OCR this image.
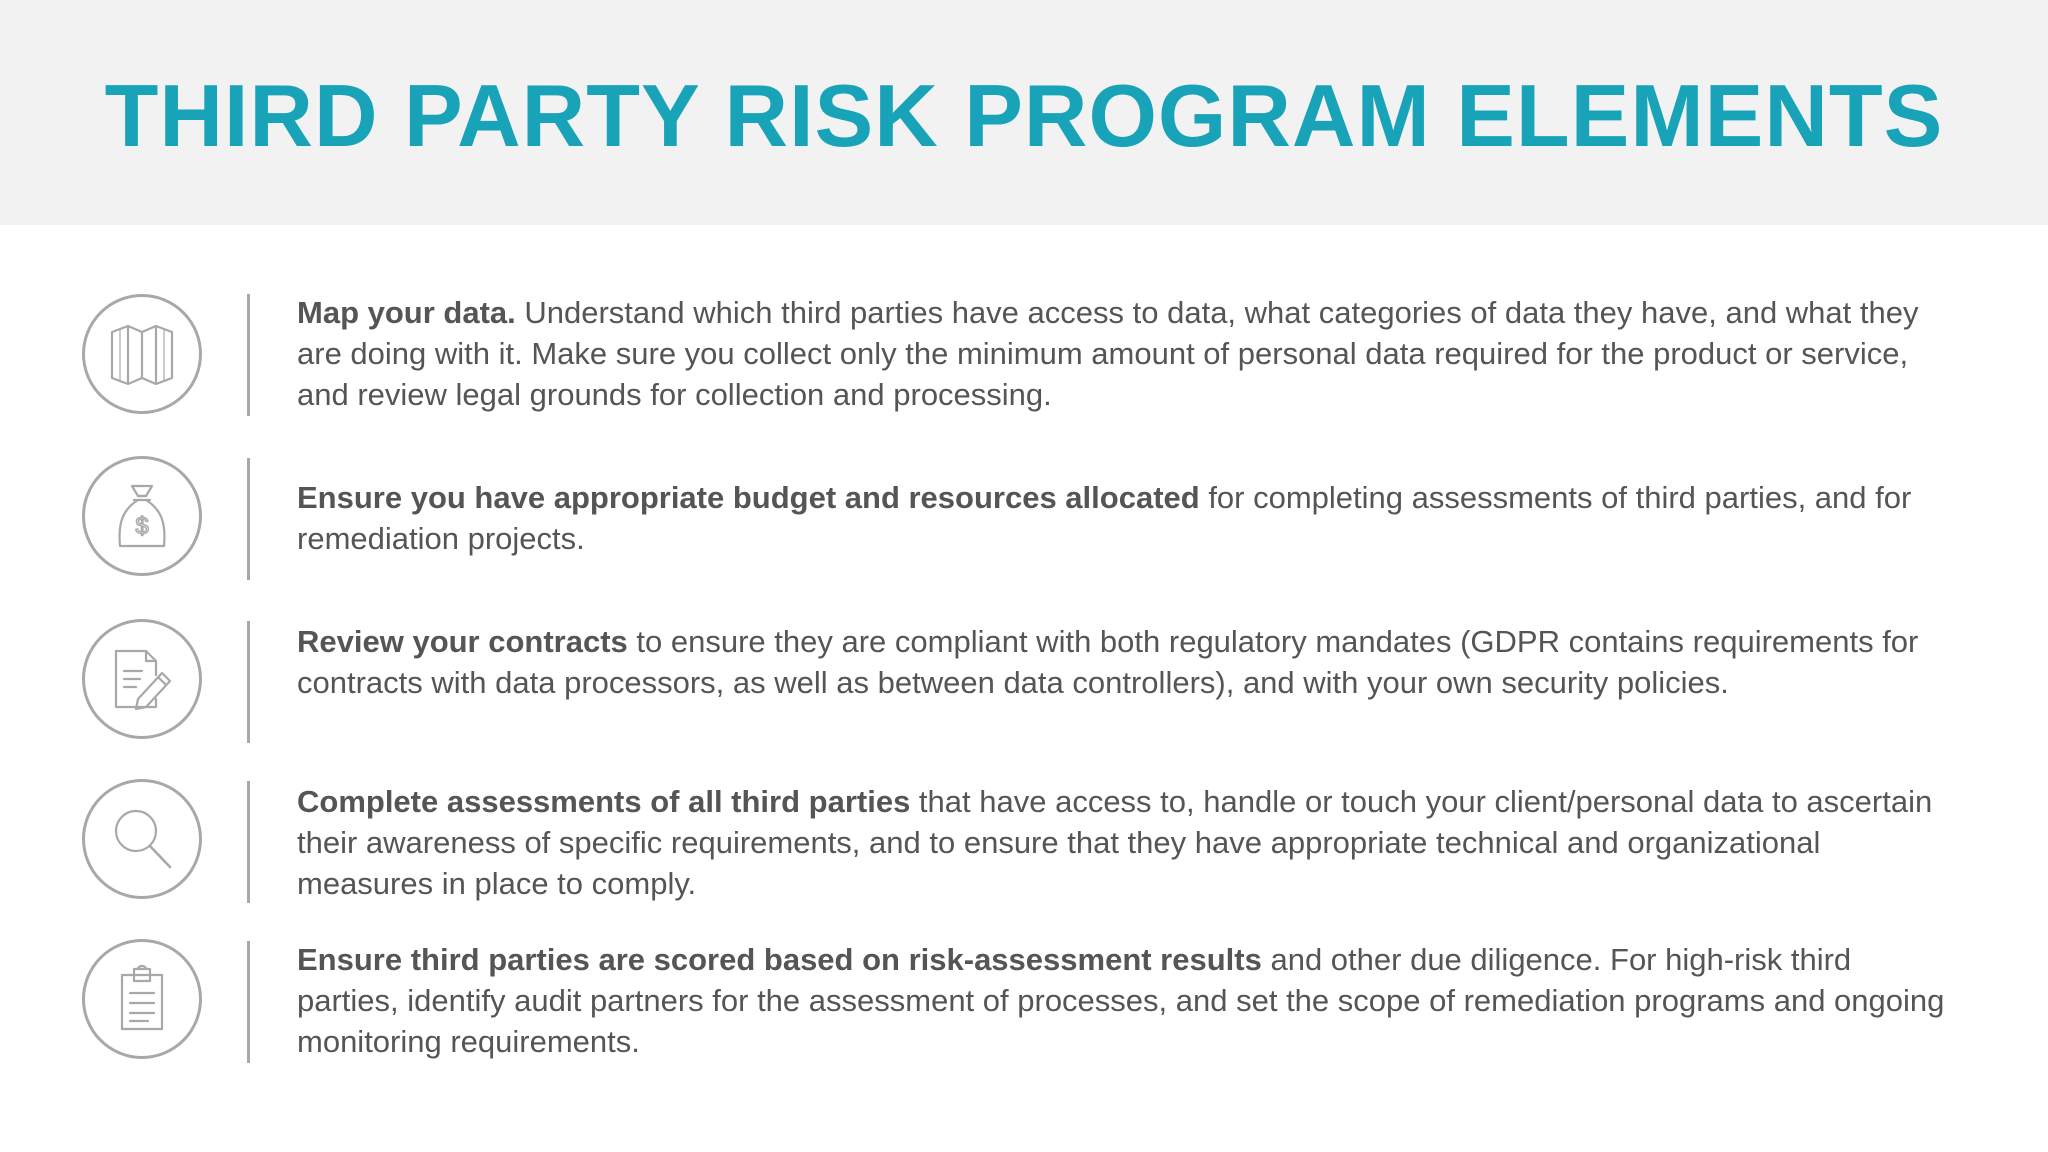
THIRD PARTY RISK PROGRAM ELEMENTS

Map your data. Understand which third parties have access to data, what categories of data they have, and what they are doing with it. Make sure you collect only the minimum amount of personal data required for the product or service, and review legal grounds for collection and processing.

$

Ensure you have appropriate budget and resources allocated for completing assessments of third parties, and for remediation projects.

Review your contracts to ensure they are compliant with both regulatory mandates (GDPR contains requirements for contracts with data processors, as well as between data controllers), and with your own security policies.

Complete assessments of all third parties that have access to, handle or touch your client/personal data to ascertain their awareness of specific requirements, and to ensure that they have appropriate technical and organizational measures in place to comply.

Ensure third parties are scored based on risk-assessment results and other due diligence. For high-risk third parties, identify audit partners for the assessment of processes, and set the scope of remediation programs and ongoing monitoring requirements.
